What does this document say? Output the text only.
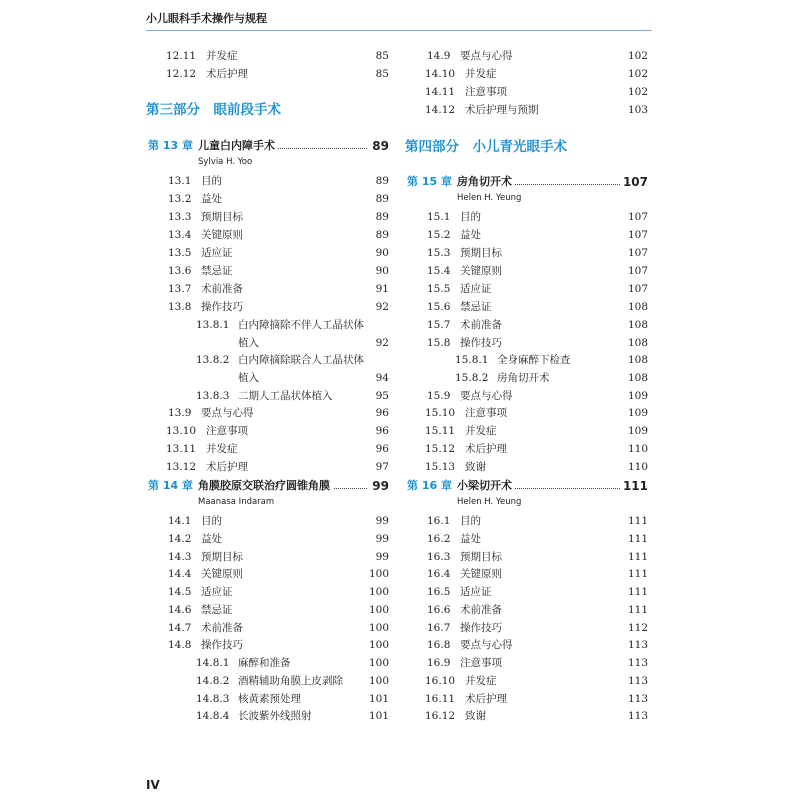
小儿眼科手术操作与规程
12.11 并发症	85
12.12 术后护理	85
第三部分　眼前段手术
第 13 章 儿童白内障手术	89
Sylvia H. Yoo
13.1 目的	89
13.2 益处	89
13.3 预期目标	89
13.4 关键原则	89
13.5 适应证	90
13.6 禁忌证	90
13.7 术前准备	91
13.8 操作技巧	92
13.8.1 白内障摘除不伴人工晶状体
植入	92
13.8.2 白内障摘除联合人工晶状体
植入	94
13.8.3 二期人工晶状体植入	95
13.9 要点与心得	96
13.10 注意事项	96
13.11 并发症	96
13.12 术后护理	97
第 14 章 角膜胶原交联治疗圆锥角膜	99
Maanasa Indaram
14.1 目的	99
14.2 益处	99
14.3 预期目标	99
14.4 关键原则	100
14.5 适应证	100
14.6 禁忌证	100
14.7 术前准备	100
14.8 操作技巧	100
14.8.1 麻醉和准备	100
14.8.2 酒精辅助角膜上皮剥除 100
14.8.3 核黄素预处理	101
14.8.4 长波紫外线照射	101
14.9 要点与心得	102
14.10 并发症	102
14.11 注意事项	102
14.12 术后护理与预期	103
第四部分　小儿青光眼手术
第 15 章 房角切开术	107
Helen H. Yeung
15.1 目的	107
15.2 益处	107
15.3 预期目标	107
15.4 关键原则	107
15.5 适应证	107
15.6 禁忌证	108
15.7 术前准备	108
15.8 操作技巧	108
15.8.1 全身麻醉下检查	108
15.8.2 房角切开术	108
15.9 要点与心得	109
15.10 注意事项	109
15.11 并发症	109
15.12 术后护理	110
15.13 致谢	110
第 16 章 小梁切开术	111
Helen H. Yeung
16.1 目的	111
16.2 益处	111
16.3 预期目标	111
16.4 关键原则	111
16.5 适应证	111
16.6 术前准备	111
16.7 操作技巧	112
16.8 要点与心得	113
16.9 注意事项	113
16.10 并发症	113
16.11 术后护理	113
16.12 致谢	113
IV
